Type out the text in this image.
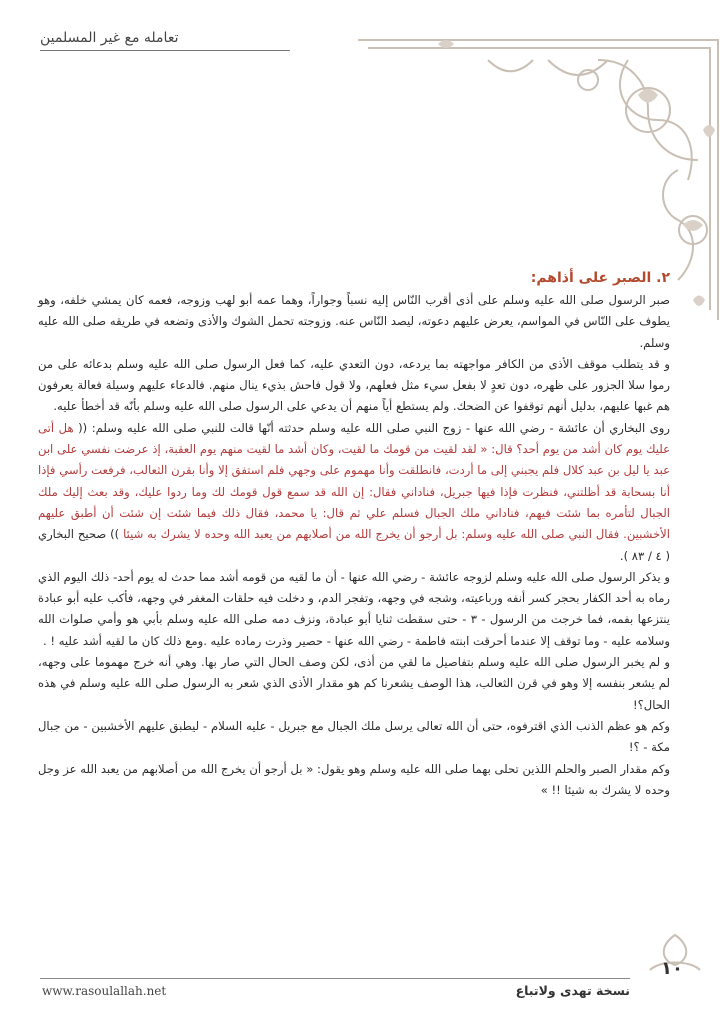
تعامله مع غير المسلمين

٢. الصبر على أذاهم:

صبر الرسول صلى الله عليه وسلم على أذى أقرب النّاس إليه نسباً وجواراً، وهما عمه أبو لهب وزوجه، فعمه كان يمشي خلفه، وهو يطوف على النّاس في المواسم، يعرض عليهم دعوته، ليصد النّاس عنه. وزوجته تحمل الشوك والأذى وتضعه في طريقه صلى الله عليه وسلم.

و قد يتطلب موقف الأذى من الكافر مواجهته بما يردعه، دون التعدي عليه، كما فعل الرسول صلى الله عليه وسلم بدعائه على من رموا سلا الجزور على ظهره، دون تعدٍ لا بفعل سيء مثل فعلهم، ولا قول فاحش بذيء ينال منهم. فالدعاء عليهم وسيلة فعالة يعرفون هم غبها عليهم، بدليل أنهم توقفوا عن الضحك. ولم يستطع أياً منهم أن يدعي على الرسول صلى الله عليه وسلم بأنّه قد أخطأ عليه.

روى البخاري أن عائشة - رضي الله عنها - زوج النبي صلى الله عليه وسلم حدثته أنّها قالت للنبي صلى الله عليه وسلم: (( هل أتى عليك يوم كان أشد من يوم أحد؟ قال: « لقد لقيت من قومك ما لقيت، وكان أشد ما لقيت منهم يوم العقبة، إذ عرضت نفسي على ابن عبد يا ليل بن عبد كلال فلم يجبني إلى ما أردت، فانطلقت وأنا مهموم على وجهي فلم استفق إلا وأنا بقرن الثعالب، فرفعت رأسي فإذا أنا بسحابة قد أظلتني، فنظرت فإذا فيها جبريل، فناداني فقال: إن الله قد سمع قول قومك لك وما ردوا عليك، وقد بعث إليك ملك الجبال لتأمره بما شئت فيهم، فناداني ملك الجبال فسلم علي ثم قال: يا محمد، فقال ذلك فيما شئت إن شئت أن أطبق عليهم الأخشبين. فقال النبي صلى الله عليه وسلم: بل أرجو أن يخرج الله من أصلابهم من يعبد الله وحده لا يشرك به شيئا )) صحيح البخاري ( ٤ / ٨٣ ).

و يذكر الرسول صلى الله عليه وسلم لزوجه عائشة - رضي الله عنها - أن ما لقيه من قومه أشد مما حدث له يوم أحد- ذلك اليوم الذي رماه به أحد الكفار بحجر كسر أنفه ورباعيته، وشجه في وجهه، وتفجر الدم، و دخلت فيه حلقات المغفر في وجهه، فأكب عليه أبو عبادة ينتزعها بفمه، فما خرجت من الرسول - ٣ - حتى سقطت ثنايا أبو عبادة، ونزف دمه صلى الله عليه وسلم بأبي هو وأمي صلوات الله وسلامه عليه - وما توقف إلا عندما أحرقت ابنته فاطمة - رضي الله عنها - حصير وذرت رماده عليه .ومع ذلك كان ما لقيه أشد عليه ! .

و لم يخبر الرسول صلى الله عليه وسلم بتفاصيل ما لقي من أذى، لكن وصف الحال التي صار بها. وهي أنه خرج مهموما على وجهه، لم يشعر بنفسه إلا وهو في قرن الثعالب، هذا الوصف يشعرنا كم هو مقدار الأذى الذي شعر به الرسول صلى الله عليه وسلم في هذه الحال؟!

وكم هو عظم الذنب الذي اقترفوه، حتى أن الله تعالى يرسل ملك الجبال مع جبريل - عليه السلام - ليطبق عليهم الأخشبين - من جبال مكة - ؟!

وكم مقدار الصبر والحلم اللذين تحلى بهما صلى الله عليه وسلم وهو يقول: « بل أرجو أن يخرج الله من أصلابهم من يعبد الله عز وجل وحده لا يشرك به شيئا !! »

١٠
www.rasoulallah.net	نسخة تهدى ولاتباع
